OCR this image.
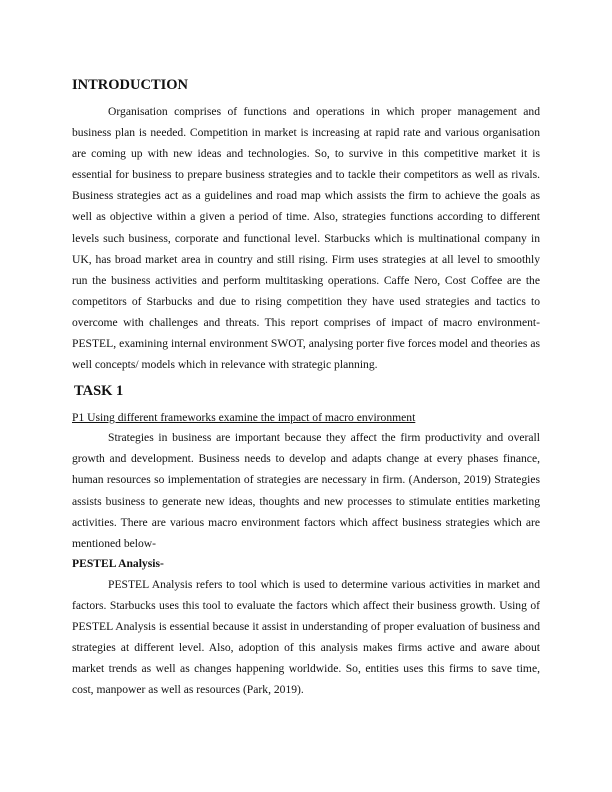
INTRODUCTION

Organisation comprises of functions and operations in which proper management and business plan is needed. Competition in market is increasing at rapid rate and various organisation are coming up with new ideas and technologies. So, to survive in this competitive market it is essential for business to prepare business strategies and to tackle their competitors as well as rivals. Business strategies act as a guidelines and road map which assists the firm to achieve the goals as well as objective within a given a period of time. Also, strategies functions according to different levels such business, corporate and functional level. Starbucks which is multinational company in UK, has broad market area in country and still rising. Firm uses strategies at all level to smoothly run the business activities and perform multitasking operations. Caffe Nero, Cost Coffee are the competitors of Starbucks and due to rising competition they have used strategies and tactics to overcome with challenges and threats. This report comprises of impact of macro environment- PESTEL, examining internal environment SWOT, analysing porter five forces model and theories as well concepts/ models which in relevance with strategic planning.

TASK 1

P1 Using different frameworks examine the impact of macro environment

Strategies in business are important because they affect the firm productivity and overall growth and development. Business needs to develop and adapts change at every phases finance, human resources so implementation of strategies are necessary in firm. (Anderson, 2019) Strategies assists business to generate new ideas, thoughts and new processes to stimulate entities marketing activities. There are various macro environment factors which affect business strategies which are mentioned below-

PESTEL Analysis-

PESTEL Analysis refers to tool which is used to determine various activities in market and factors. Starbucks uses this tool to evaluate the factors which affect their business growth. Using of PESTEL Analysis is essential because it assist in understanding of proper evaluation of business and strategies at different level. Also, adoption of this analysis makes firms active and aware about market trends as well as changes happening worldwide. So, entities uses this firms to save time, cost, manpower as well as resources (Park, 2019).
